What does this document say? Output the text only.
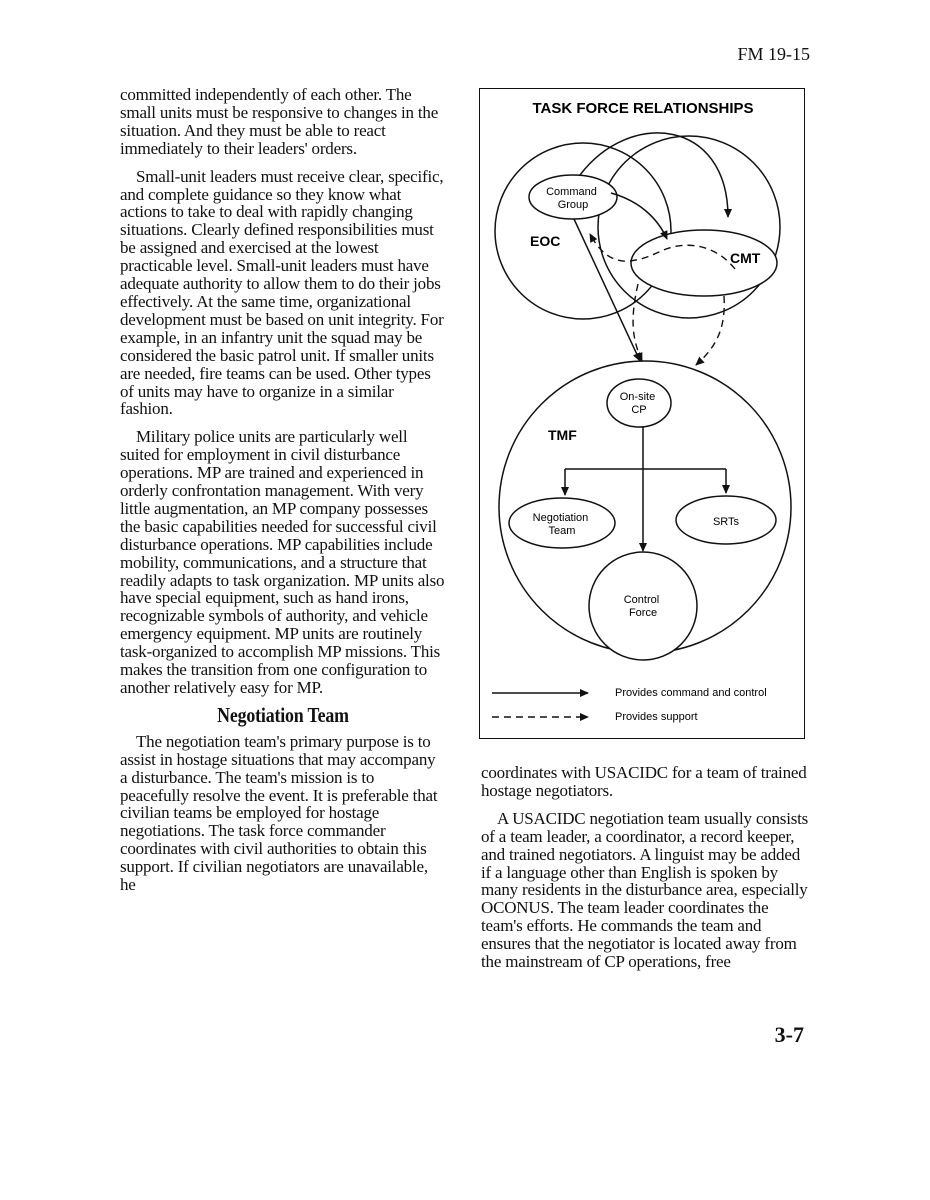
FM 19-15

committed independently of each other. The small units must be responsive to changes in the situation. And they must be able to react immediately to their leaders' orders.

Small-unit leaders must receive clear, specific, and complete guidance so they know what actions to take to deal with rapidly changing situations. Clearly defined responsibilities must be assigned and exercised at the lowest practicable level. Small-unit leaders must have adequate authority to allow them to do their jobs effectively. At the same time, organizational development must be based on unit integrity. For example, in an infantry unit the squad may be considered the basic patrol unit. If smaller units are needed, fire teams can be used. Other types of units may have to organize in a similar fashion.

Military police units are particularly well suited for employment in civil disturbance operations. MP are trained and experienced in orderly confrontation management. With very little augmentation, an MP company possesses the basic capabilities needed for successful civil disturbance operations. MP capabilities include mobility, communications, and a structure that readily adapts to task organization. MP units also have special equipment, such as hand irons, recognizable symbols of authority, and vehicle emergency equipment. MP units are routinely task-organized to accomplish MP missions. This makes the transition from one configuration to another relatively easy for MP.

Negotiation Team

The negotiation team's primary purpose is to assist in hostage situations that may accompany a disturbance. The team's mission is to peacefully resolve the event. It is preferable that civilian teams be employed for hostage negotiations. The task force commander coordinates with civil authorities to obtain this support. If civilian negotiators are unavailable, he

TASK FORCE RELATIONSHIPS
Command Group
EOC
CMT
On-site CP
TMF
Negotiation Team
SRTs
Control Force
Provides command and control
Provides support

coordinates with USACIDC for a team of trained hostage negotiators.

A USACIDC negotiation team usually consists of a team leader, a coordinator, a record keeper, and trained negotiators. A linguist may be added if a language other than English is spoken by many residents in the disturbance area, especially OCONUS. The team leader coordinates the team's efforts. He commands the team and ensures that the negotiator is located away from the mainstream of CP operations, free

3-7
